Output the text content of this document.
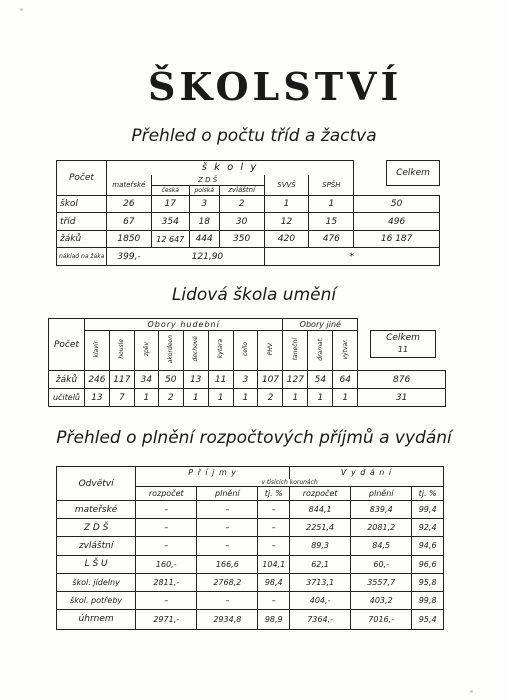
ŠKOLSTVÍ
Přehled o počtu tříd a žactva
Počet	š k o l y						
	mateřské	Z D Š			SVVŠ	SPŠH	
		česká	polská	zvláštní			
škol	26	17	3	2	1	1	50
tříd	67	354	18	30	12	15	496
žáků	1850	12 647	444	350	420	476	16 187
náklad na žáka	399,-	121,90			*		
Celkem
Lidová škola umění
Počet	Obory hudební								Obory jiné			
	klavír	housle	zpěv	akordeon	dechové	kytara	cello	PHV	taneční	dramat.	výtvar.	
žáků	246	117	34	50	13	11	3	107	127	54	64	876
učitelů	13	7	1	2	1	1	1	2	1	1	1	31
Celkem
11
Přehled o plnění rozpočtových příjmů a vydání
Odvětví	P ř í j m y			V y d á n í		
	v tisících korunách					
	rozpočet	plnění	tj. %	rozpočet	plnění	tj. %
mateřské	–	–	–	844,1	839,4	99,4
Z D Š	–	–	–	2251,4	2081,2	92,4
zvláštní	–	–	–	89,3	84,5	94,6
L Š U	160,-	166,6	104,1	62,1	60,-	96,6
škol. jídelny	2811,-	2768,2	98,4	3713,1	3557,7	95,8
škol. potřeby	–	–	–	404,-	403,2	99,8
úhrnem	2971,-	2934,8	98,9	7364,-	7016,-	95,4
